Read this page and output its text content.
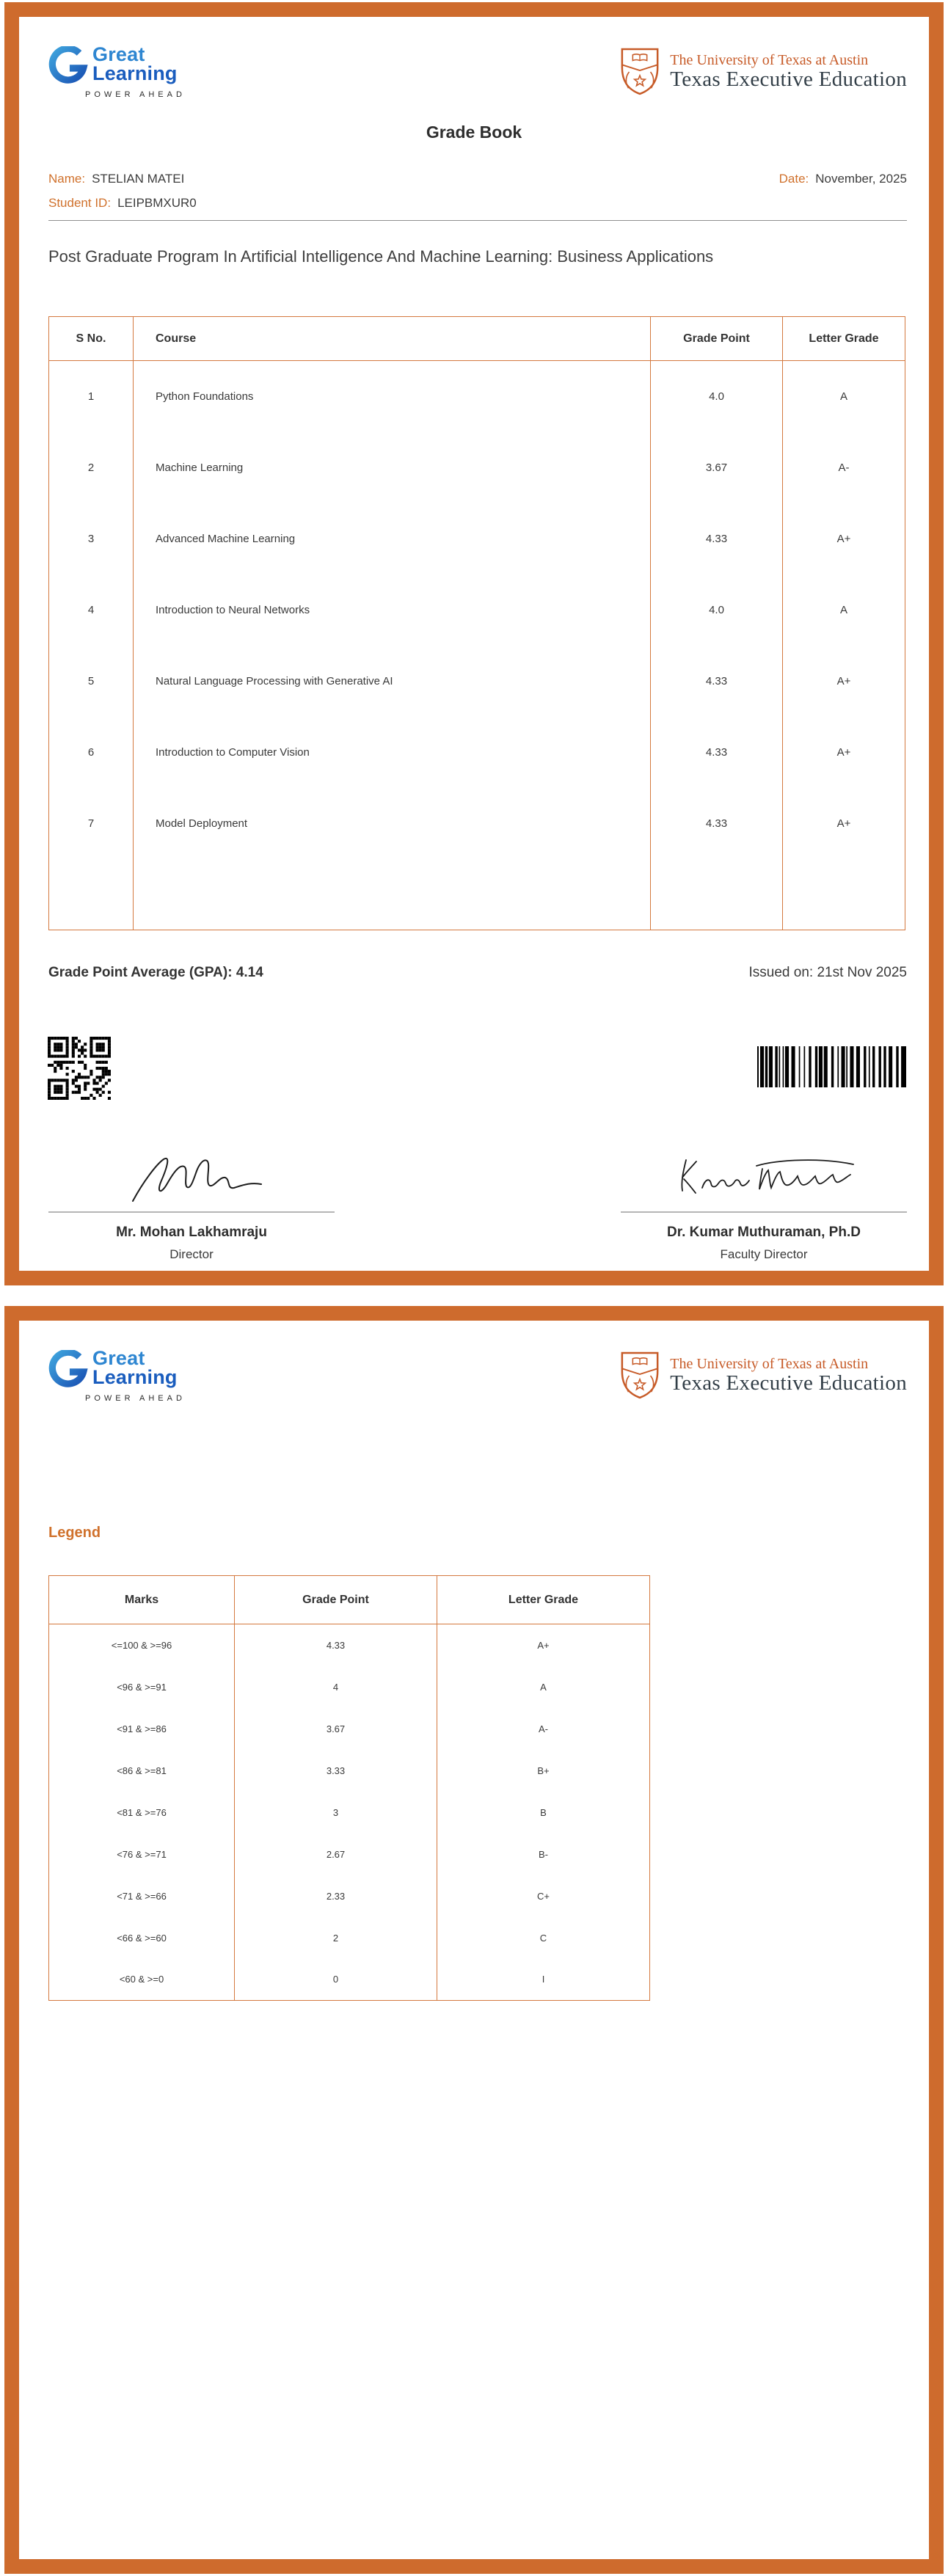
Great
Learning
POWER AHEAD
The University of Texas at Austin
Texas Executive Education
Grade Book
Name: STELIAN MATEI	Date: November, 2025
Student ID: LEIPBMXUR0
Post Graduate Program In Artificial Intelligence And Machine Learning: Business Applications
S No.	Course	Grade Point	Letter Grade
1	Python Foundations	4.0	A
2	Machine Learning	3.67	A-
3	Advanced Machine Learning	4.33	A+
4	Introduction to Neural Networks	4.0	A
5	Natural Language Processing with Generative AI	4.33	A+
6	Introduction to Computer Vision	4.33	A+
7	Model Deployment	4.33	A+

Grade Point Average (GPA): 4.14	Issued on: 21st Nov 2025
Mr. Mohan Lakhamraju
Director
Dr. Kumar Muthuraman, Ph.D
Faculty Director
Great
Learning
POWER AHEAD
The University of Texas at Austin
Texas Executive Education
Legend
Marks	Grade Point	Letter Grade
<=100 & >=96	4.33	A+
<96 & >=91	4	A
<91 & >=86	3.67	A-
<86 & >=81	3.33	B+
<81 & >=76	3	B
<76 & >=71	2.67	B-
<71 & >=66	2.33	C+
<66 & >=60	2	C
<60 & >=0	0	I
